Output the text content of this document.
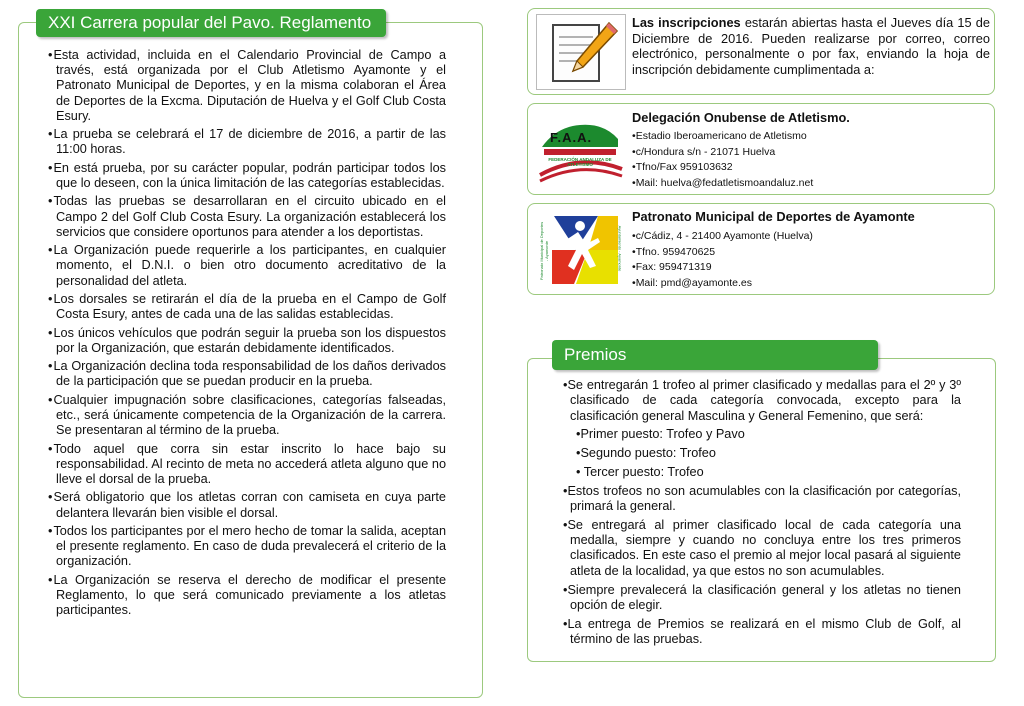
XXI Carrera popular del Pavo. Reglamento
• Esta actividad, incluida en el Calendario Provincial de Campo a través, está organizada por el Club Atletismo Ayamonte y el Patronato Municipal de Deportes, y en la misma colaboran el Área de Deportes de la Excma. Diputación de Huelva y el Golf Club Costa Esury.
• La prueba se celebrará el 17 de diciembre de 2016, a partir de las 11:00 horas.
• En está prueba, por su carácter popular, podrán participar todos los que lo deseen, con la única limitación de las categorías establecidas.
• Todas las pruebas se desarrollaran en el circuito ubicado en el Campo 2 del Golf Club Costa Esury. La organización establecerá los servicios que considere oportunos para atender a los deportistas.
• La Organización puede requerirle a los participantes, en cualquier momento, el D.N.I. o bien otro documento acreditativo de la personalidad del atleta.
• Los dorsales se retirarán el día de la prueba en el Campo de Golf Costa Esury, antes de cada una de las salidas establecidas.
• Los únicos vehículos que podrán seguir la prueba son los dispuestos por la Organización, que estarán debidamente identificados.
• La Organización declina toda responsabilidad de los daños derivados de la participación que se puedan producir en la prueba.
• Cualquier impugnación sobre clasificaciones, categorías falseadas, etc., será únicamente competencia de la Organización de la carrera. Se presentaran al término de la prueba.
• Todo aquel que corra sin estar inscrito lo hace bajo su responsabilidad. Al recinto de meta no accederá atleta alguno que no lleve el dorsal de la prueba.
• Será obligatorio que los atletas corran con camiseta en cuya parte delantera llevarán bien visible el dorsal.
• Todos los participantes por el mero hecho de tomar la salida, aceptan el presente reglamento. En caso de duda prevalecerá el criterio de la organización.
• La Organización se reserva el derecho de modificar el presente Reglamento, lo que será comunicado previamente a los atletas participantes.
Las inscripciones estarán abiertas hasta el Jueves día 15 de Diciembre de 2016. Pueden realizarse por correo, correo electrónico, personalmente o por fax, enviando la hoja de inscripción debidamente cumplimentada a:
F.A.A.
FEDERACIÓN ANDALUZA DE ATLETISMO
Delegación Onubense de Atletismo.
• Estadio Iberoamericano de Atletismo
• c/Hondura s/n - 21071 Huelva
• Tfno/Fax 959103632
• Mail: huelva@fedatletismoandaluz.net
Patronato Municipal de Deportes - Ayamonte	Ayuntamiento - Ayamonte
Patronato Municipal de Deportes de Ayamonte
• c/Cádiz, 4 - 21400 Ayamonte (Huelva)
• Tfno. 959470625
• Fax: 959471319
• Mail: pmd@ayamonte.es
Premios
• Se entregarán 1 trofeo al primer clasificado y medallas para el 2º y 3º clasificado de cada categoría convocada, excepto para la clasificación general Masculina y General Femenino, que será:
• Primer puesto: Trofeo y Pavo
• Segundo puesto: Trofeo
• Tercer puesto: Trofeo
• Estos trofeos no son acumulables con la clasificación por categorías, primará la general.
• Se entregará al primer clasificado local de cada categoría una medalla, siempre y cuando no concluya entre los tres primeros clasificados. En este caso el premio al mejor local pasará al siguiente atleta de la localidad, ya que estos no son acumulables.
• Siempre prevalecerá la clasificación general y los atletas no tienen opción de elegir.
• La entrega de Premios se realizará en el mismo Club de Golf, al término de las pruebas.
